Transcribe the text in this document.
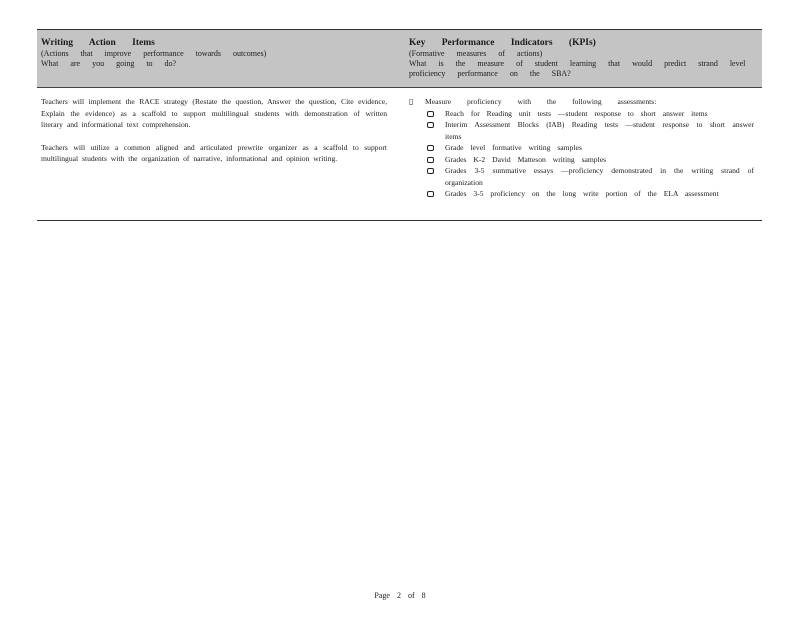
Writing Action Items
(Actions that improve performance towards outcomes)
What are you going to do?
Key Performance Indicators (KPIs)
(Formative measures of actions)
What is the measure of student learning that would predict strand level proficiency performance on the SBA?

Teachers will implement the RACE strategy (Restate the question, Answer the question, Cite evidence, Explain the evidence) as a scaffold to support multilingual students with demonstration of written literary and informational text comprehension.

Teachers will utilize a common aligned and articulated prewrite organizer as a scaffold to support multilingual students with the organization of narrative, informational and opinion writing.

▯ Measure proficiency with the following assessments:
Reach for Reading unit tests —student response to short answer items
Interim Assessment Blocks (IAB) Reading tests —student response to short answer items
Grade level formative writing samples
Grades K-2 David Matteson writing samples
Grades 3-5 summative essays —proficiency demonstrated in the writing strand of organization
Grades 3-5 proficiency on the long write portion of the ELA assessment
Page 2 of 8
